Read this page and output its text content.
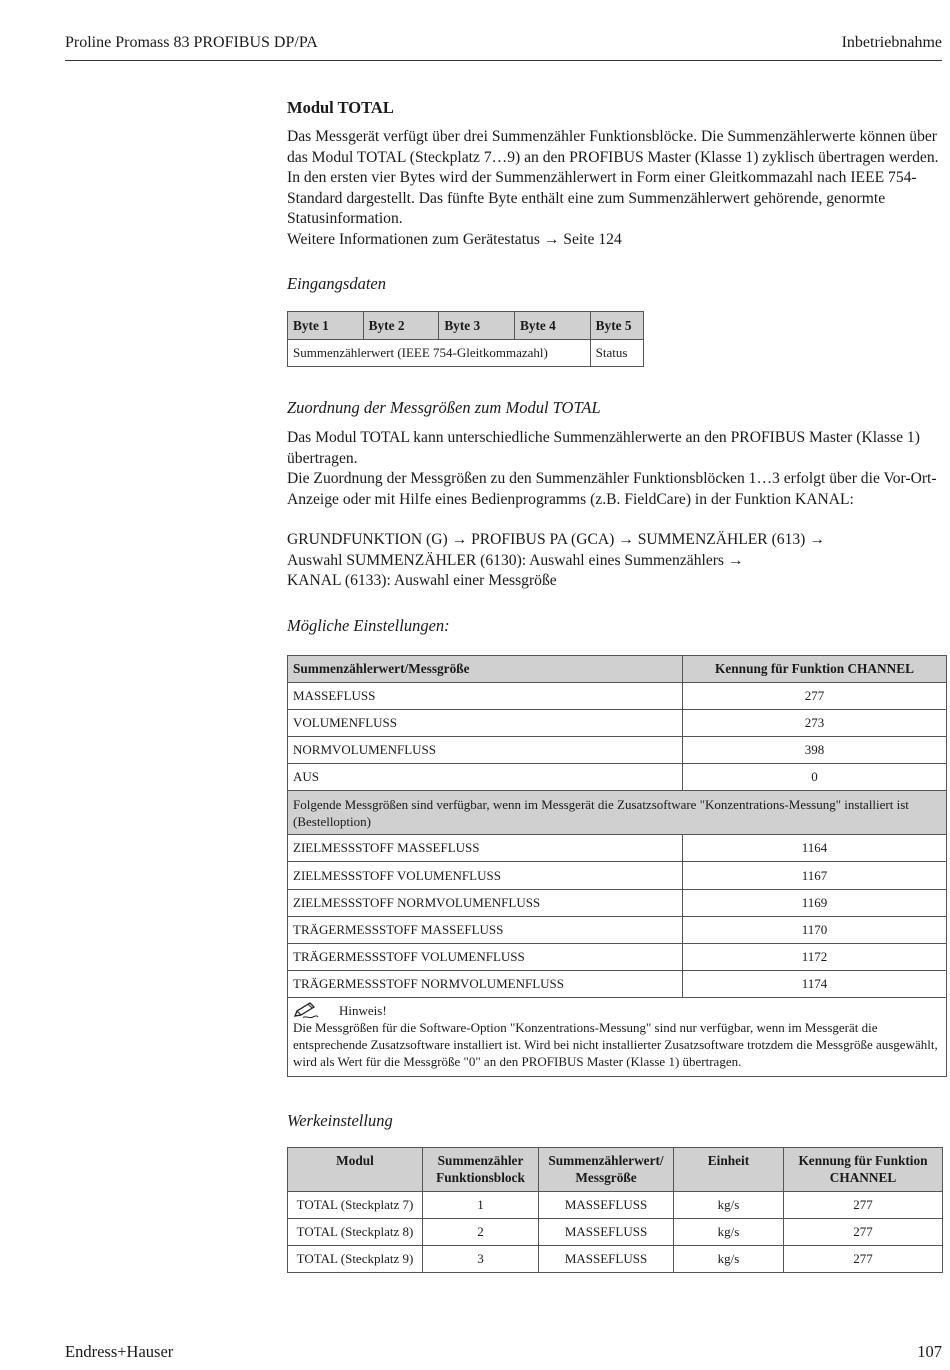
Proline Promass 83 PROFIBUS DP/PA	Inbetriebnahme
Modul TOTAL

Das Messgerät verfügt über drei Summenzähler Funktionsblöcke. Die Summenzählerwerte können über das Modul TOTAL (Steckplatz 7…9) an den PROFIBUS Master (Klasse 1) zyklisch übertragen werden. In den ersten vier Bytes wird der Summenzählerwert in Form einer Gleitkommazahl nach IEEE 754-Standard dargestellt. Das fünfte Byte enthält eine zum Summenzählerwert gehörende, genormte Statusinformation.

Weitere Informationen zum Gerätestatus → Seite 124

Eingangsdaten
Byte 1	Byte 2	Byte 3	Byte 4	Byte 5
Summenzählerwert (IEEE 754-Gleitkommazahl)				Status
Zuordnung der Messgrößen zum Modul TOTAL

Das Modul TOTAL kann unterschiedliche Summenzählerwerte an den PROFIBUS Master (Klasse 1) übertragen.

Die Zuordnung der Messgrößen zu den Summenzähler Funktionsblöcken 1…3 erfolgt über die Vor-Ort-Anzeige oder mit Hilfe eines Bedienprogramms (z.B. FieldCare) in der Funktion KANAL:

GRUNDFUNKTION (G) → PROFIBUS PA (GCA) → SUMMENZÄHLER (613) →

Auswahl SUMMENZÄHLER (6130): Auswahl eines Summenzählers →

KANAL (6133): Auswahl einer Messgröße

Mögliche Einstellungen:
Summenzählerwert/Messgröße	Kennung für Funktion CHANNEL
MASSEFLUSS	277
VOLUMENFLUSS	273
NORMVOLUMENFLUSS	398
AUS	0
Folgende Messgrößen sind verfügbar, wenn im Messgerät die Zusatzsoftware "Konzentrations-Messung" installiert ist (Bestelloption)	
ZIELMESSSTOFF MASSEFLUSS	1164
ZIELMESSSTOFF VOLUMENFLUSS	1167
ZIELMESSSTOFF NORMVOLUMENFLUSS	1169
TRÄGERMESSSTOFF MASSEFLUSS	1170
TRÄGERMESSSTOFF VOLUMENFLUSS	1172
TRÄGERMESSSTOFF NORMVOLUMENFLUSS	1174

Hinweis!
Die Messgrößen für die Software-Option "Konzentrations-Messung" sind nur verfügbar, wenn im Messgerät die entsprechende Zusatzsoftware installiert ist. Wird bei nicht installierter Zusatzsoftware trotzdem die Messgröße ausgewählt, wird als Wert für die Messgröße "0" an den PROFIBUS Master (Klasse 1) übertragen.	
Werkeinstellung
Modul	Summenzähler Funktionsblock	Summenzählerwert/ Messgröße	Einheit	Kennung für Funktion CHANNEL
TOTAL (Steckplatz 7)	1	MASSEFLUSS	kg/s	277
TOTAL (Steckplatz 8)	2	MASSEFLUSS	kg/s	277
TOTAL (Steckplatz 9)	3	MASSEFLUSS	kg/s	277
Endress+Hauser	107
